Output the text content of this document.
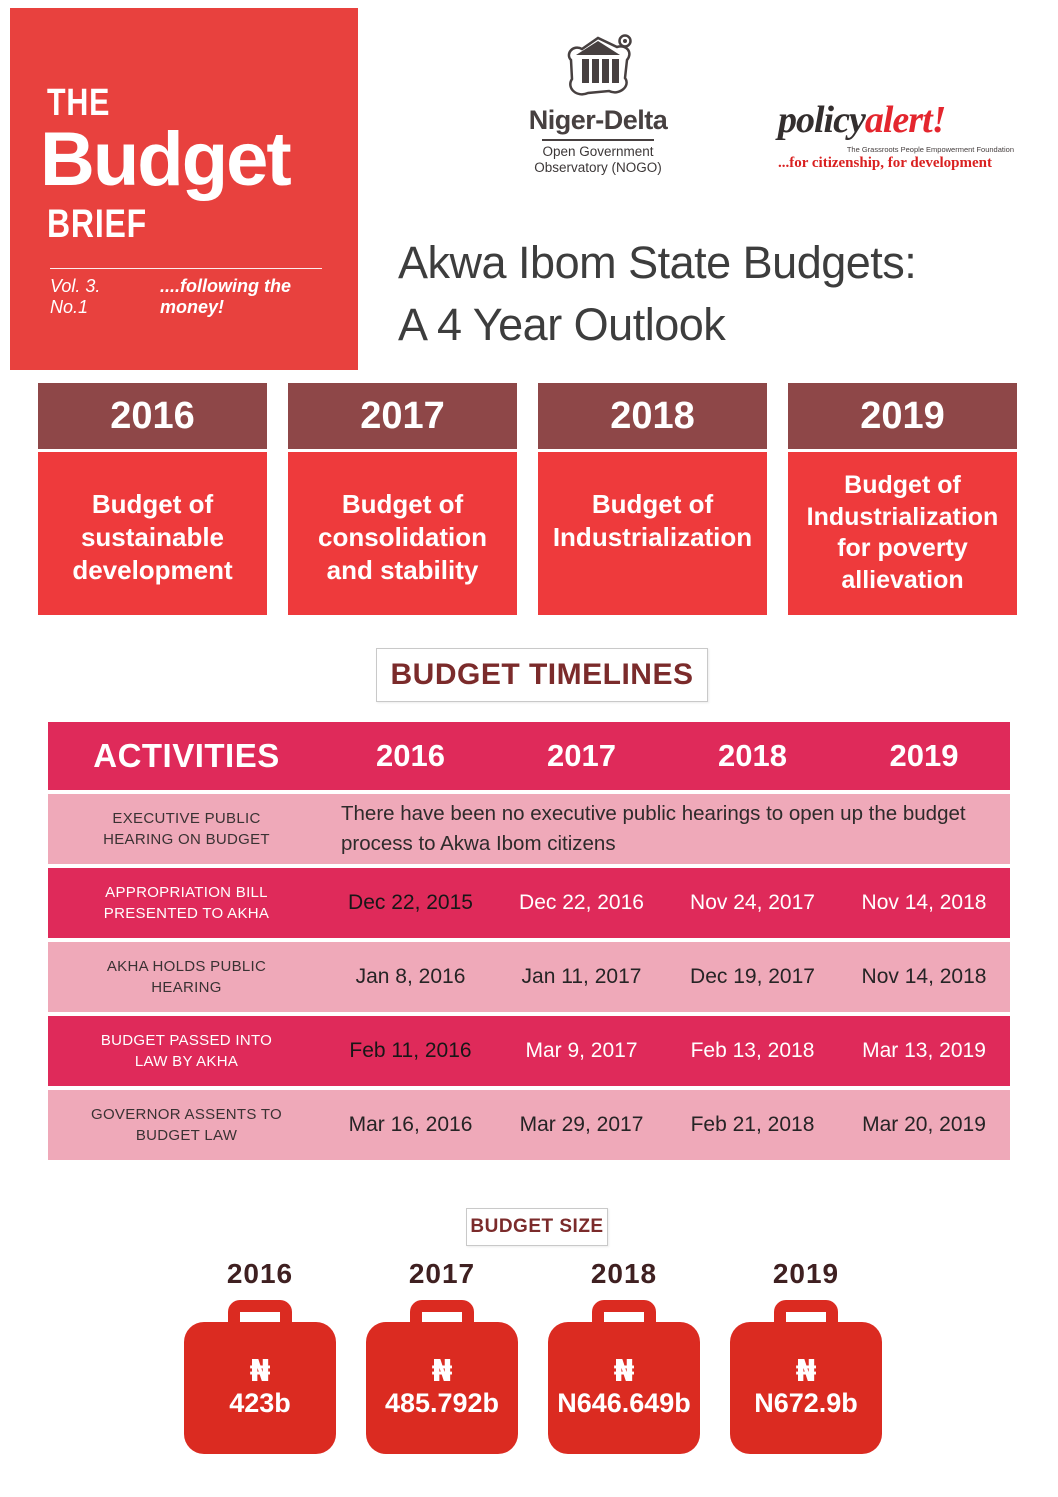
THE
Budget
BRIEF
Vol. 3. No.1
....following the money!
Niger-Delta
Open Government
Observatory (NOGO)
policyalert!
The Grassroots People Empowerment Foundation
...for citizenship, for development
Akwa Ibom State Budgets:
A 4 Year Outlook
2016
Budget of sustainable development
2017
Budget of consolidation and stability
2018
Budget of Industrialization
2019
Budget of Industrialization for poverty allievation
BUDGET TIMELINES
ACTIVITIES	2016	2017	2018	2019
EXECUTIVE PUBLIC HEARING ON BUDGET
There have been no executive public hearings to open up the budget process to Akwa Ibom citizens
APPROPRIATION BILL PRESENTED TO AKHA	Dec 22, 2015	Dec 22, 2016	Nov 24, 2017	Nov 14, 2018
AKHA HOLDS PUBLIC HEARING	Jan 8, 2016	Jan 11, 2017	Dec 19, 2017	Nov 14, 2018
BUDGET PASSED INTO LAW BY AKHA	Feb 11, 2016	Mar 9, 2017	Feb 13, 2018	Mar 13, 2019
GOVERNOR ASSENTS TO BUDGET LAW	Mar 16, 2016	Mar 29, 2017	Feb 21, 2018	Mar 20, 2019
BUDGET SIZE
2016
₦
423b
2017
₦
485.792b
2018
₦
N646.649b
2019
₦
N672.9b
